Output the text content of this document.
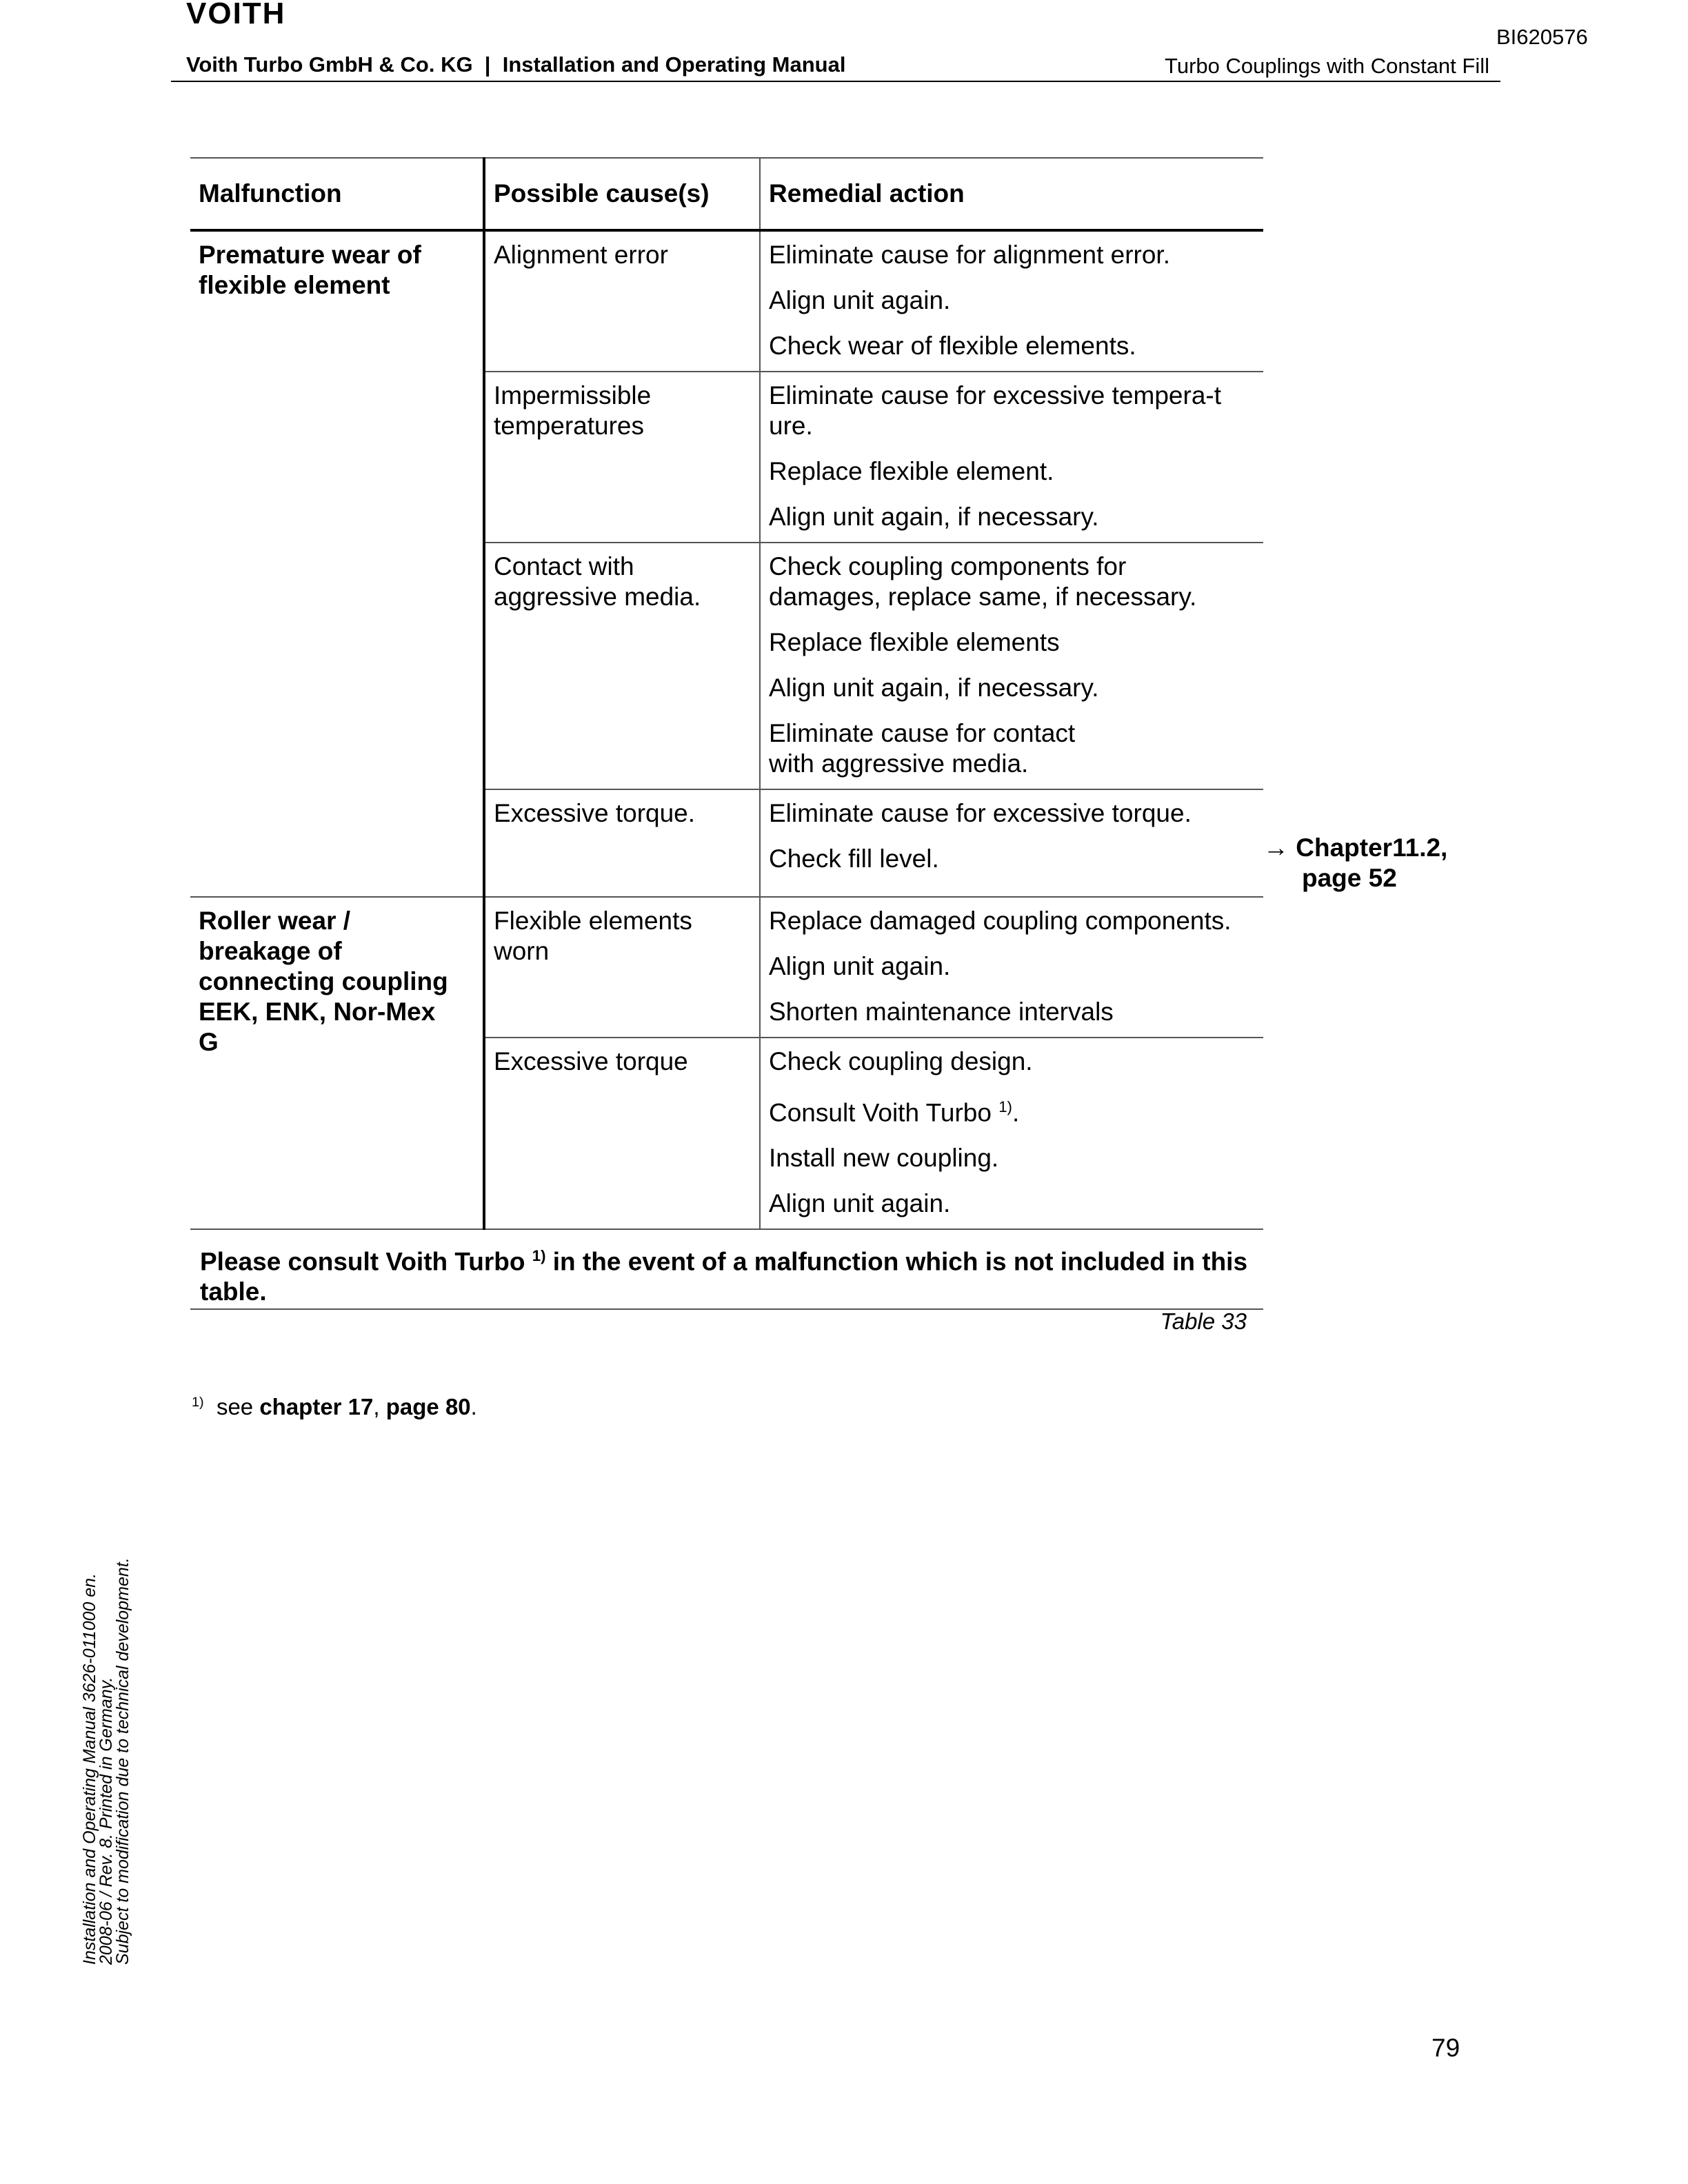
VOITH
BI620576
Voith Turbo GmbH & Co. KG  |  Installation and Operating Manual	Turbo Couplings with Constant Fill
Malfunction	Possible cause(s)	Remedial action
Premature wear of flexible element	Alignment error	Eliminate cause for alignment error.
Align unit again.
Check wear of flexible elements.

	Impermissible temperatures	Eliminate cause for excessive tempera-ture.
Replace flexible element.
Align unit again, if necessary.

	Contact with aggressive media.	Check coupling components for damages, replace same, if necessary.
Replace flexible elements
Align unit again, if necessary.
Eliminate cause for contact with aggressive media.

	Excessive torque.	Eliminate cause for excessive torque.
Check fill level.

Roller wear / breakage of connecting coupling EEK, ENK, Nor-Mex G	Flexible elements worn	Replace damaged coupling components.
Align unit again.
Shorten maintenance intervals

	Excessive torque	Check coupling design.
Consult Voith Turbo $^{1)}$.
Install new coupling.
Align unit again.
Please consult Voith Turbo $^{1)}$ in the event of a malfunction which is not included in this table.
Table 33
→ Chapter11.2,
page 52
$^{1)}$ see chapter 17, page 80.
Installation and Operating Manual 3626-011000 en.
2008-06 / Rev. 8. Printed in Germany.
Subject to modification due to technical development.
79
